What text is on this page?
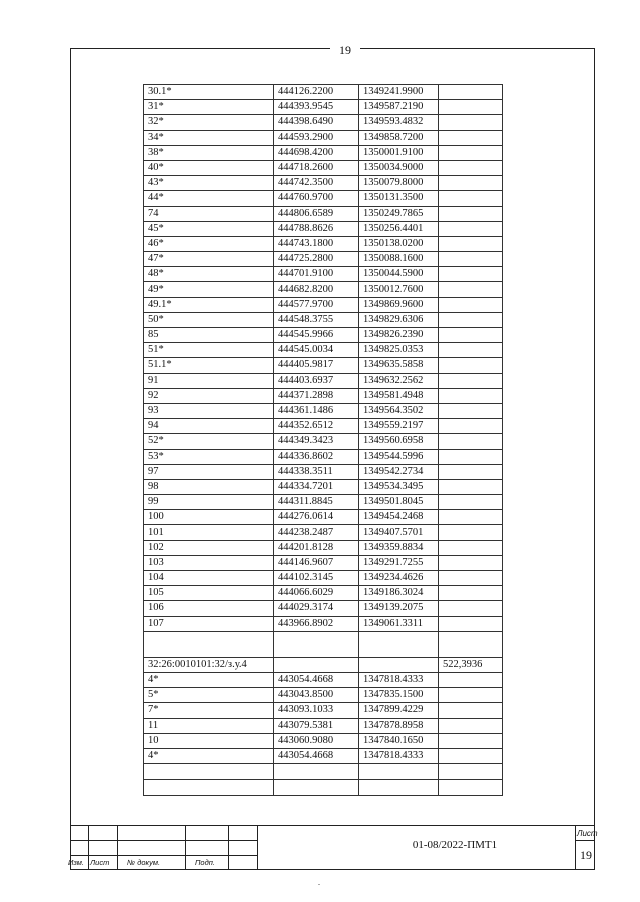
19
30.1*	444126.2200	1349241.9900	
31*	444393.9545	1349587.2190	
32*	444398.6490	1349593.4832	
34*	444593.2900	1349858.7200	
38*	444698.4200	1350001.9100	
40*	444718.2600	1350034.9000	
43*	444742.3500	1350079.8000	
44*	444760.9700	1350131.3500	
74	444806.6589	1350249.7865	
45*	444788.8626	1350256.4401	
46*	444743.1800	1350138.0200	
47*	444725.2800	1350088.1600	
48*	444701.9100	1350044.5900	
49*	444682.8200	1350012.7600	
49.1*	444577.9700	1349869.9600	
50*	444548.3755	1349829.6306	
85	444545.9966	1349826.2390	
51*	444545.0034	1349825.0353	
51.1*	444405.9817	1349635.5858	
91	444403.6937	1349632.2562	
92	444371.2898	1349581.4948	
93	444361.1486	1349564.3502	
94	444352.6512	1349559.2197	
52*	444349.3423	1349560.6958	
53*	444336.8602	1349544.5996	
97	444338.3511	1349542.2734	
98	444334.7201	1349534.3495	
99	444311.8845	1349501.8045	
100	444276.0614	1349454.2468	
101	444238.2487	1349407.5701	
102	444201.8128	1349359.8834	
103	444146.9607	1349291.7255	
104	444102.3145	1349234.4626	
105	444066.6029	1349186.3024	
106	444029.3174	1349139.2075	
107	443966.8902	1349061.3311	

32:26:0010101:32/з.у.4			522,3936
4*	443054.4668	1347818.4333	
5*	443043.8500	1347835.1500	
7*	443093.1033	1347899.4229	
11	443079.5381	1347878.8958	
10	443060.9080	1347840.1650	
4*	443054.4668	1347818.4333	

Изм. Лист № докум.	Подп.
01-08/2022-ПМТ1
Лист
19
